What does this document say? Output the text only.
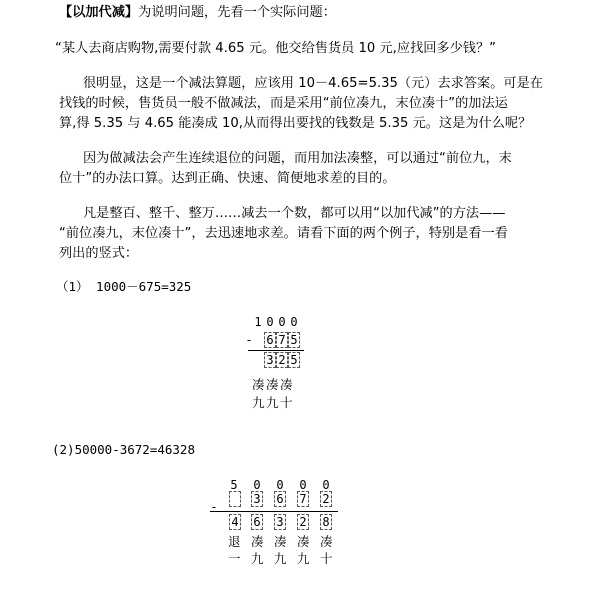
【以加代减】为说明问题，先看一个实际问题：
“某人去商店购物,需要付款 4.65 元。他交给售货员 10 元,应找回多少钱？”
很明显，这是一个减法算题，应该用 10－4.65=5.35（元）去求答案。可是在
找钱的时候，售货员一般不做减法，而是采用“前位凑九，末位凑十”的加法运
算,得 5.35 与 4.65 能凑成 10,从而得出要找的钱数是 5.35 元。这是为什么呢？
因为做减法会产生连续退位的问题，而用加法凑整，可以通过“前位九，末
位十”的办法口算。达到正确、快速、简便地求差的目的。
凡是整百、整千、整万……减去一个数，都可以用“以加代减”的方法——
“前位凑九，末位凑十”，去迅速地求差。请看下面的两个例子，特别是看一看
列出的竖式：
（1） 1000－675=325
1 0 0 0
- 6 7 5
3 2 5
凑 凑 凑
九 九 十
(2)50000-3672=46328
5 0 0 0 0
-
3 6 7 2
4 6 3 2 8
退 凑 凑 凑 凑
一 九 九 九 十
